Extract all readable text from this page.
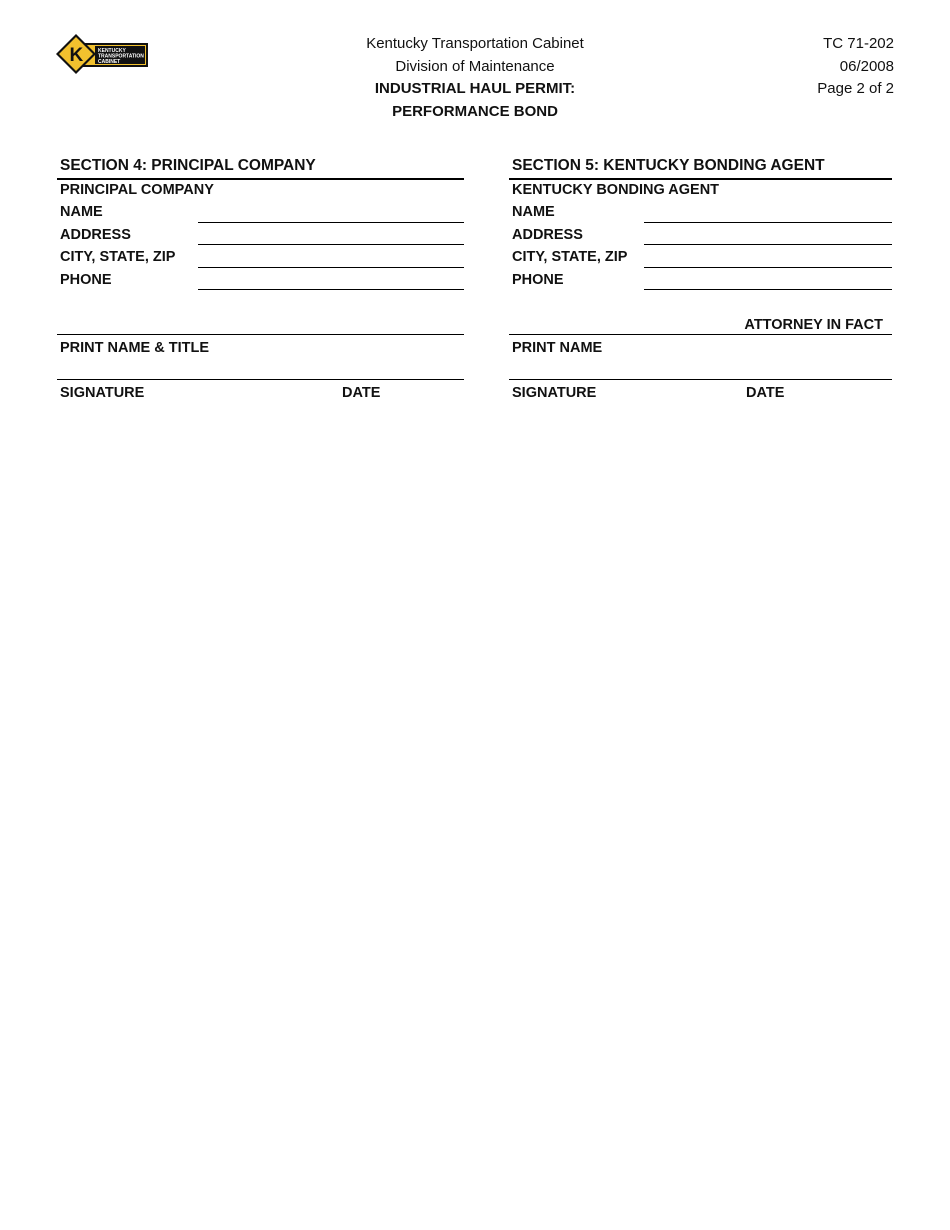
K	KENTUCKY
TRANSPORTATION
CABINET
Kentucky Transportation Cabinet
Division of Maintenance
INDUSTRIAL HAUL PERMIT:
PERFORMANCE BOND
TC 71-202
06/2008
Page 2 of 2
SECTION 4: PRINCIPAL COMPANY
PRINCIPAL COMPANY
NAME
ADDRESS
CITY, STATE, ZIP
PHONE
PRINT NAME & TITLE
SIGNATURE	DATE
SECTION 5: KENTUCKY BONDING AGENT
KENTUCKY BONDING AGENT
NAME
ADDRESS
CITY, STATE, ZIP
PHONE
ATTORNEY IN FACT
PRINT NAME
SIGNATURE	DATE
